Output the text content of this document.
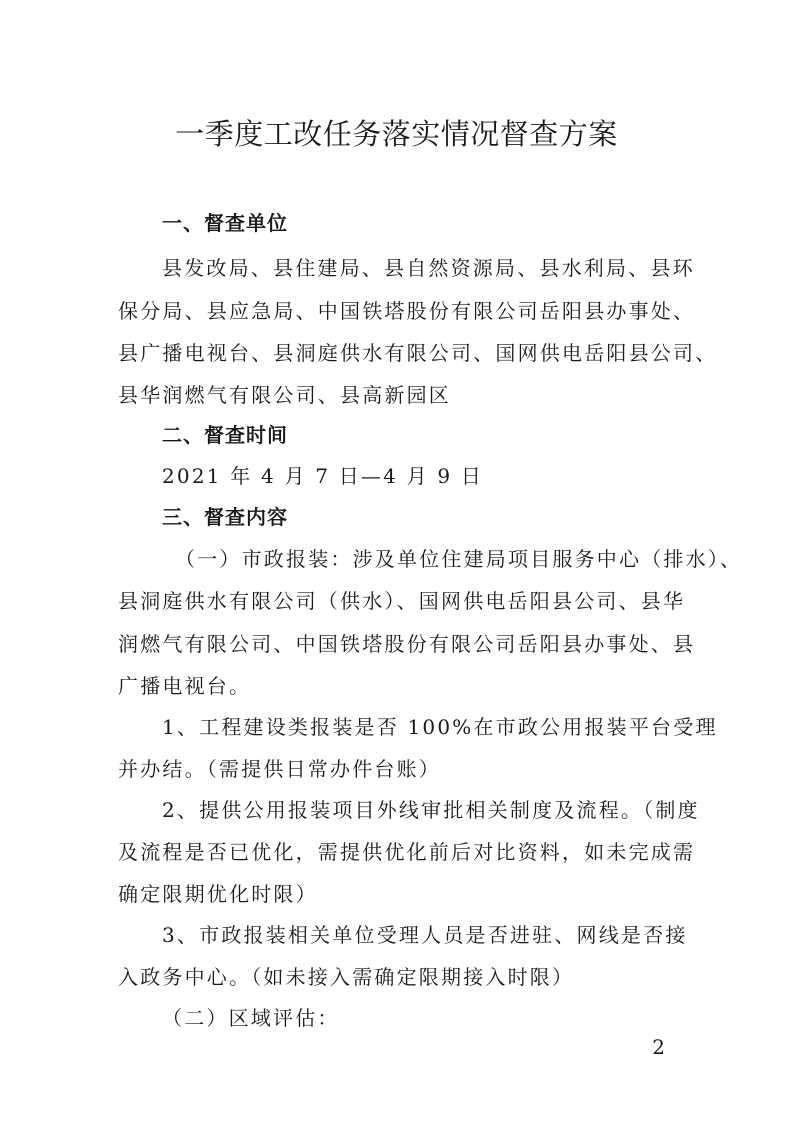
一季度工改任务落实情况督查方案
一、督查单位
县发改局、县住建局、县自然资源局、县水利局、县环
保分局、县应急局、中国铁塔股份有限公司岳阳县办事处、
县广播电视台、县洞庭供水有限公司、国网供电岳阳县公司、
县华润燃气有限公司、县高新园区
二、督查时间
2021 年 4 月 7 日—4 月 9 日
三、督查内容
（一）市政报装：涉及单位住建局项目服务中心（排水）、
县洞庭供水有限公司（供水）、国网供电岳阳县公司、县华
润燃气有限公司、中国铁塔股份有限公司岳阳县办事处、县
广播电视台。
1、工程建设类报装是否 100%在市政公用报装平台受理
并办结。（需提供日常办件台账）
2、提供公用报装项目外线审批相关制度及流程。（制度
及流程是否已优化，需提供优化前后对比资料，如未完成需
确定限期优化时限）
3、市政报装相关单位受理人员是否进驻、网线是否接
入政务中心。（如未接入需确定限期接入时限）
（二）区域评估：
2
